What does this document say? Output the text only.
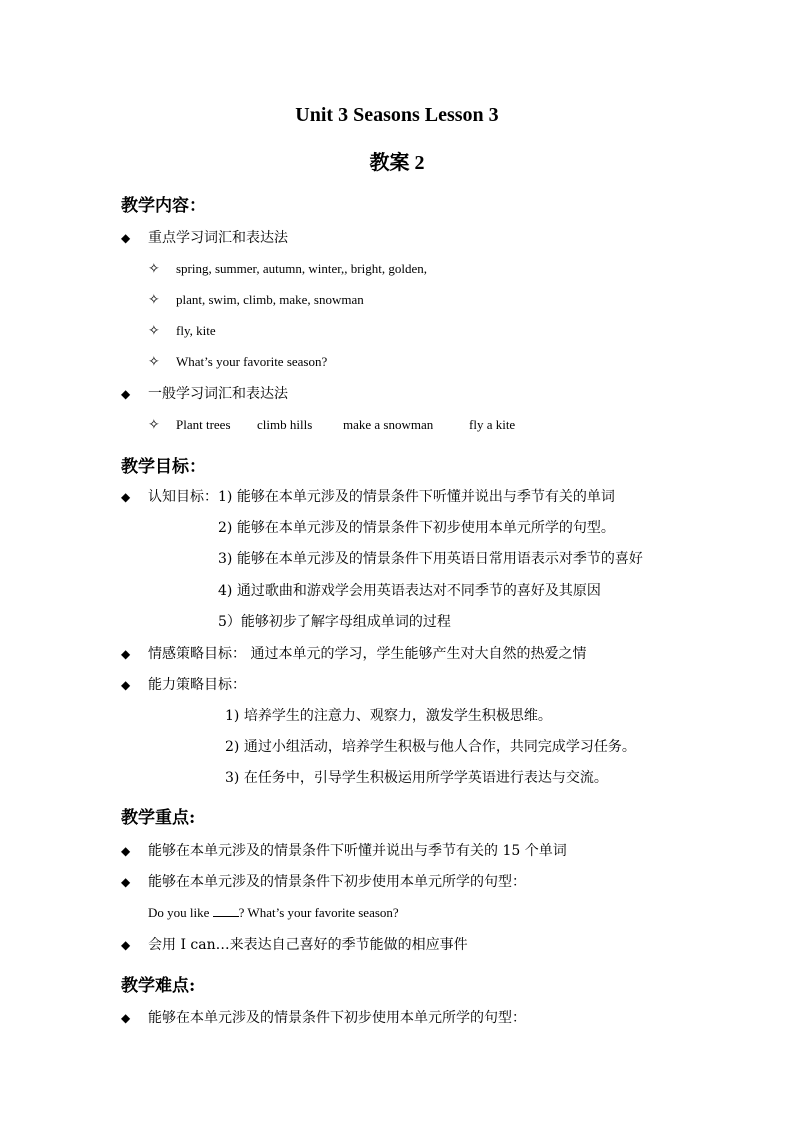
Unit 3 Seasons Lesson 3
教案 2
教学内容：
◆ 重点学习词汇和表达法
✧ spring, summer, autumn, winter,, bright, golden,
✧ plant, swim, climb, make, snowman
✧ fly, kite
✧ What’s your favorite season?
◆ 一般学习词汇和表达法
✧ Plant trees climb hills make a snowman	fly a kite
教学目标：
◆ 认知目标： 1) 能够在本单元涉及的情景条件下听懂并说出与季节有关的单词
2) 能够在本单元涉及的情景条件下初步使用本单元所学的句型。
3) 能够在本单元涉及的情景条件下用英语日常用语表示对季节的喜好
4) 通过歌曲和游戏学会用英语表达对不同季节的喜好及其原因
5）能够初步了解字母组成单词的过程
◆ 情感策略目标： 通过本单元的学习，学生能够产生对大自然的热爱之情
◆ 能力策略目标：
1) 培养学生的注意力、观察力，激发学生积极思维。
2) 通过小组活动，培养学生积极与他人合作，共同完成学习任务。
3) 在任务中，引导学生积极运用所学学英语进行表达与交流。
教学重点:
◆ 能够在本单元涉及的情景条件下听懂并说出与季节有关的 15 个单词
◆ 能够在本单元涉及的情景条件下初步使用本单元所学的句型：
Do you like ? What’s your favorite season?
◆ 会用 I can…来表达自己喜好的季节能做的相应事件
教学难点:
◆ 能够在本单元涉及的情景条件下初步使用本单元所学的句型：
